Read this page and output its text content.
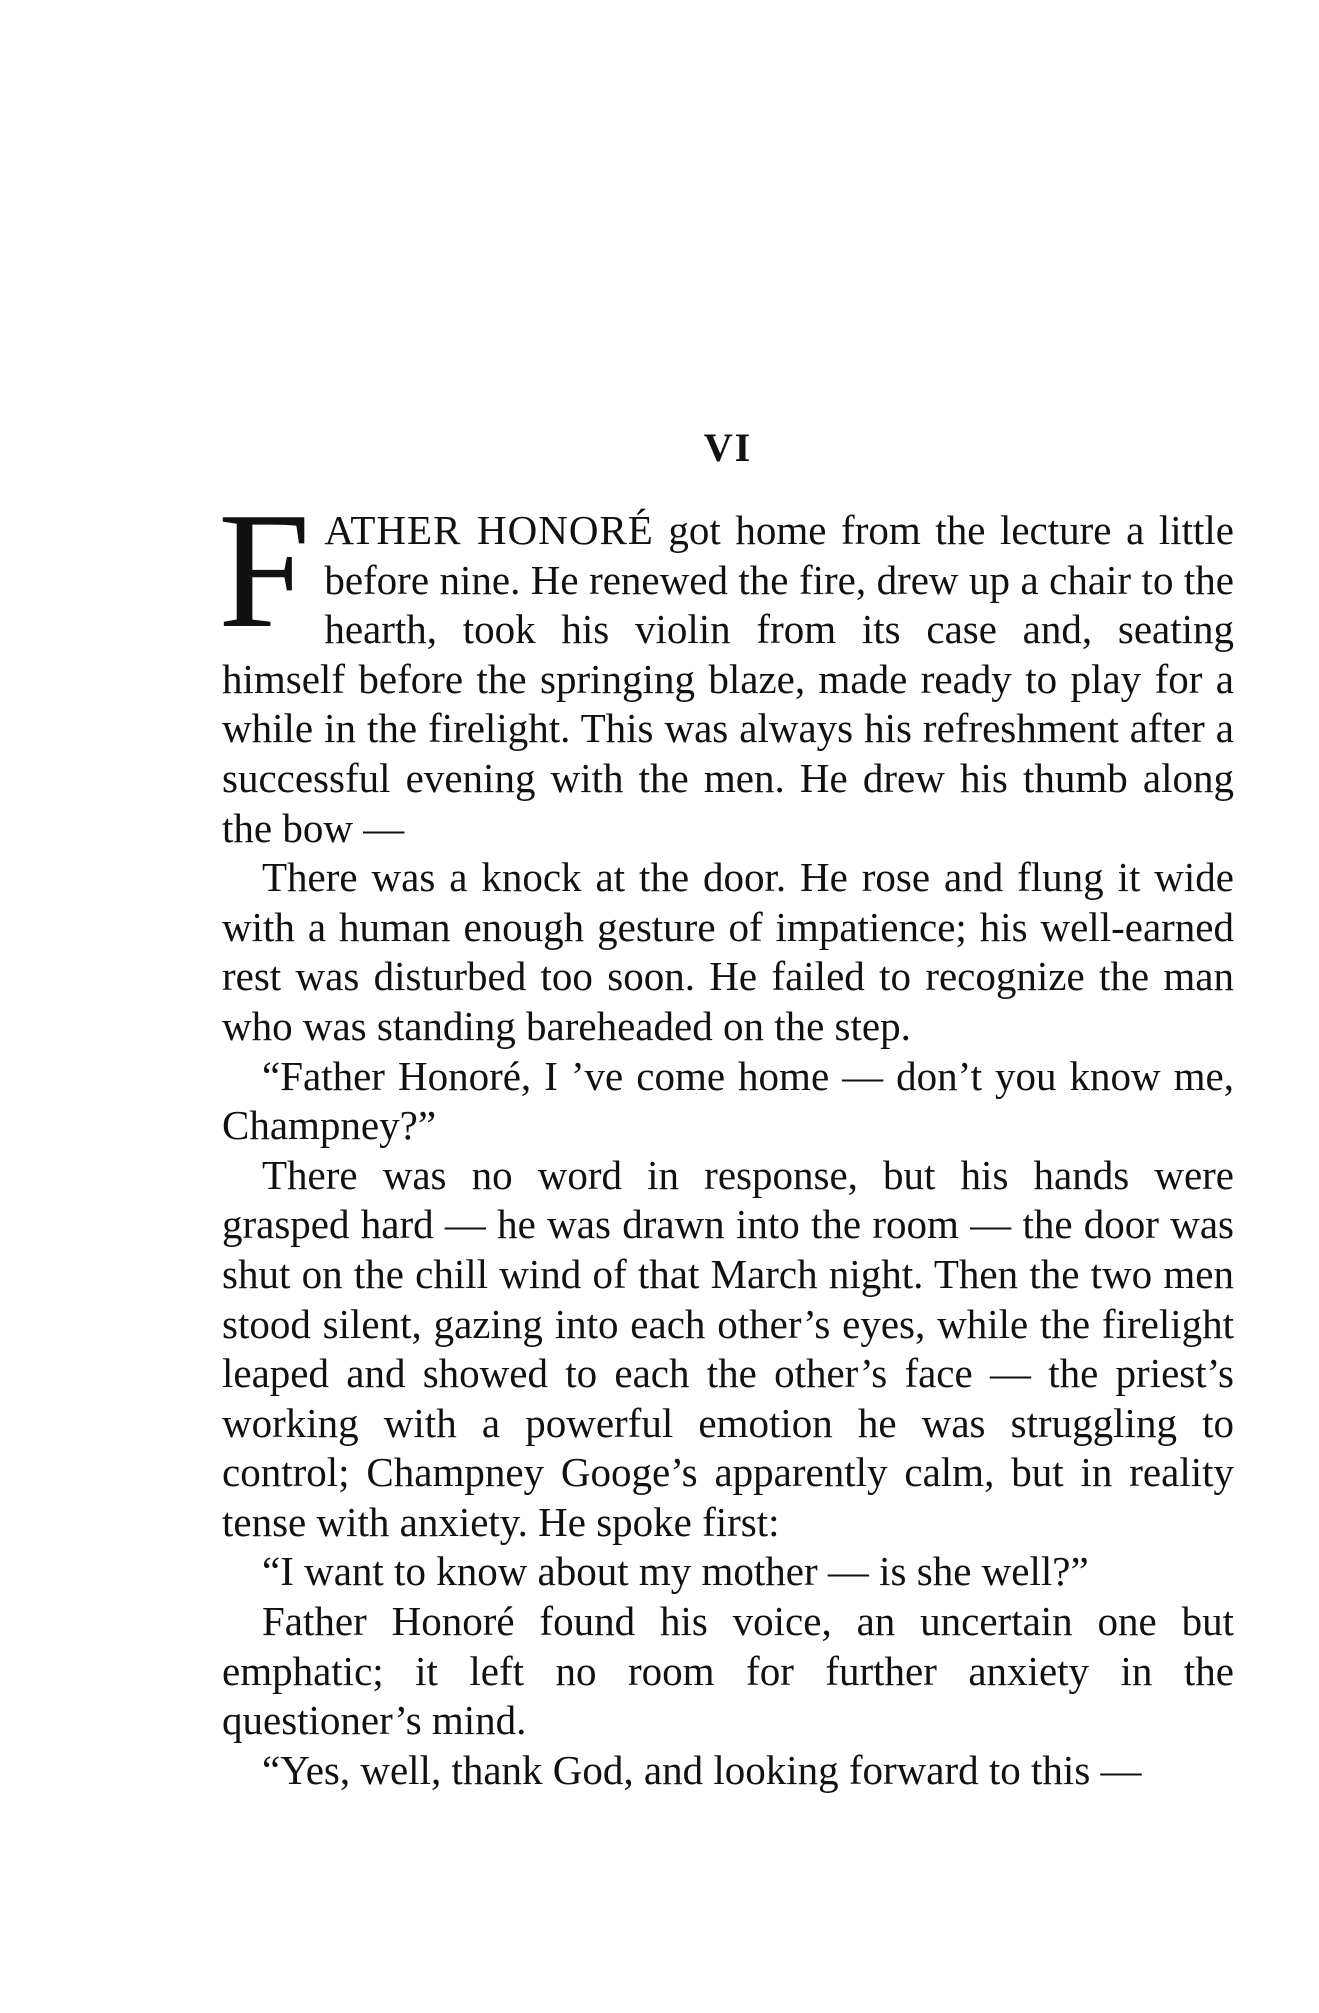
VI

FATHER HONORÉ got home from the lecture a little before nine. He renewed the fire, drew up a chair to the hearth, took his violin from its case and, seating himself before the springing blaze, made ready to play for a while in the firelight. This was always his refreshment after a successful evening with the men. He drew his thumb along the bow —

There was a knock at the door. He rose and flung it wide with a human enough gesture of impatience; his well-earned rest was disturbed too soon. He failed to recognize the man who was standing bareheaded on the step.

“Father Honoré, I ’ve come home — don’t you know me, Champney?”

There was no word in response, but his hands were grasped hard — he was drawn into the room — the door was shut on the chill wind of that March night. Then the two men stood silent, gazing into each other’s eyes, while the firelight leaped and showed to each the other’s face — the priest’s working with a powerful emotion he was struggling to control; Champney Googe’s apparently calm, but in reality tense with anxiety. He spoke first:

“I want to know about my mother — is she well?”

Father Honoré found his voice, an uncertain one but emphatic; it left no room for further anxiety in the questioner’s mind.

“Yes, well, thank God, and looking forward to this —
